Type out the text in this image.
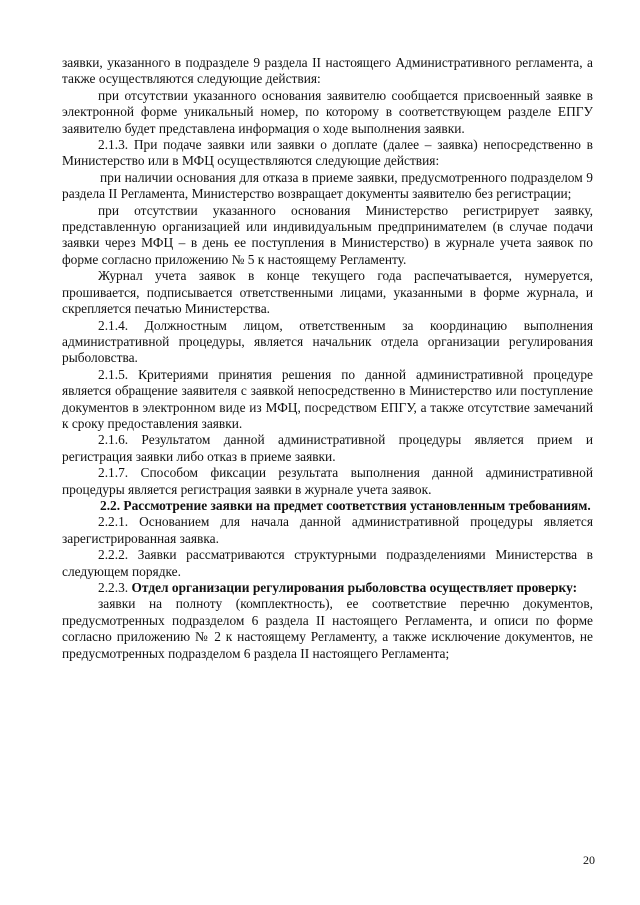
заявки, указанного в подразделе 9 раздела II настоящего Административного регламента, а также осуществляются следующие действия:

при отсутствии указанного основания заявителю сообщается присвоенный заявке в электронной форме уникальный номер, по которому в соответствующем разделе ЕПГУ заявителю будет представлена информация о ходе выполнения заявки.

2.1.3. При подаче заявки или заявки о доплате (далее – заявка) непосредственно в Министерство или в МФЦ осуществляются следующие действия:

при наличии основания для отказа в приеме заявки, предусмотренного подразделом 9 раздела II Регламента, Министерство возвращает документы заявителю без регистрации;

при отсутствии указанного основания Министерство регистрирует заявку, представленную организацией или индивидуальным предпринимателем (в случае подачи заявки через МФЦ – в день ее поступления в Министерство) в журнале учета заявок по форме согласно приложению № 5 к настоящему Регламенту.

Журнал учета заявок в конце текущего года распечатывается, нумеруется, прошивается, подписывается ответственными лицами, указанными в форме журнала, и скрепляется печатью Министерства.

2.1.4. Должностным лицом, ответственным за координацию выполнения административной процедуры, является начальник отдела организации регулирования рыболовства.

2.1.5. Критериями принятия решения по данной административной процедуре является обращение заявителя с заявкой непосредственно в Министерство или поступление документов в электронном виде из МФЦ, посредством ЕПГУ, а также отсутствие замечаний к сроку предоставления заявки.

2.1.6. Результатом данной административной процедуры является прием и регистрация заявки либо отказ в приеме заявки.

2.1.7. Способом фиксации результата выполнения данной административной процедуры является регистрация заявки в журнале учета заявок.

2.2. Рассмотрение заявки на предмет соответствия установленным требованиям.

2.2.1. Основанием для начала данной административной процедуры является зарегистрированная заявка.

2.2.2. Заявки рассматриваются структурными подразделениями Министерства в следующем порядке.

2.2.3. Отдел организации регулирования рыболовства осуществляет проверку:

заявки на полноту (комплектность), ее соответствие перечню документов, предусмотренных подразделом 6 раздела II настоящего Регламента, и описи по форме согласно приложению № 2 к настоящему Регламенту, а также исключение документов, не предусмотренных подразделом 6 раздела II настоящего Регламента;

20
